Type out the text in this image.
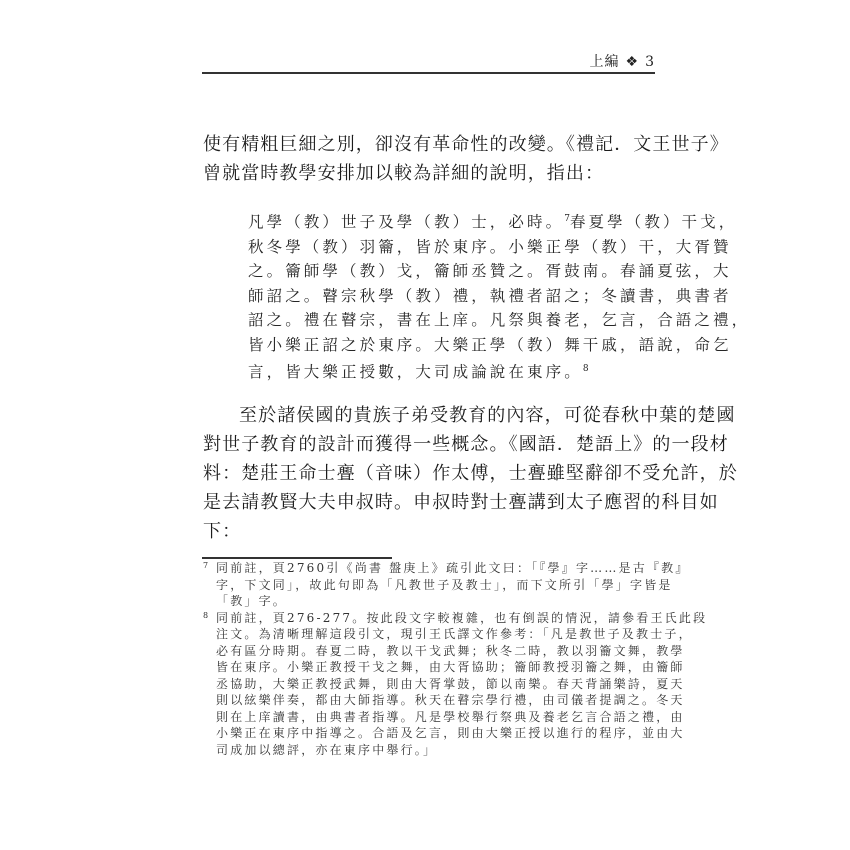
上編 ❖ 3
使有精粗巨細之別，卻沒有革命性的改變。《禮記．文王世子》
曾就當時教學安排加以較為詳細的說明，指出：
凡學（教）世子及學（教）士，必時。$^7$春夏學（教）干戈，
秋冬學（教）羽籥，皆於東序。小樂正學（教）干，大胥贊
之。籥師學（教）戈，籥師丞贊之。胥鼓南。春誦夏弦，大
師詔之。瞽宗秋學（教）禮，執禮者詔之；冬讀書，典書者
詔之。禮在瞽宗，書在上庠。凡祭與養老，乞言，合語之禮，
皆小樂正詔之於東序。大樂正學（教）舞干戚，語說，命乞
言，皆大樂正授數，大司成論說在東序。$^8$
至於諸侯國的貴族子弟受教育的內容，可從春秋中葉的楚國
對世子教育的設計而獲得一些概念。《國語．楚語上》的一段材
料：楚莊王命士亹（音味）作太傅，士亹雖堅辭卻不受允許，於
是去請教賢大夫申叔時。申叔時對士亹講到太子應習的科目如
下：
7 同前註，頁2760引《尚書 盤庚上》疏引此文曰：「『學』字……是古『教』
字，下文同」，故此句即為「凡教世子及教士」，而下文所引「學」字皆是
「教」字。
8 同前註，頁276-277。按此段文字較複雜，也有倒誤的情況，請參看王氏此段
注文。為清晰理解這段引文，現引王氏譯文作參考：「凡是教世子及教士子，
必有區分時期。春夏二時，教以干戈武舞；秋冬二時，教以羽籥文舞，教學
皆在東序。小樂正教授干戈之舞，由大胥協助；籥師教授羽籥之舞，由籥師
丞協助，大樂正教授武舞，則由大胥掌鼓，節以南樂。春天背誦樂詩，夏天
則以絃樂伴奏，都由大師指導。秋天在瞽宗學行禮，由司儀者提調之。冬天
則在上庠讀書，由典書者指導。凡是學校舉行祭典及養老乞言合語之禮，由
小樂正在東序中指導之。合語及乞言，則由大樂正授以進行的程序，並由大
司成加以總評，亦在東序中舉行。」
